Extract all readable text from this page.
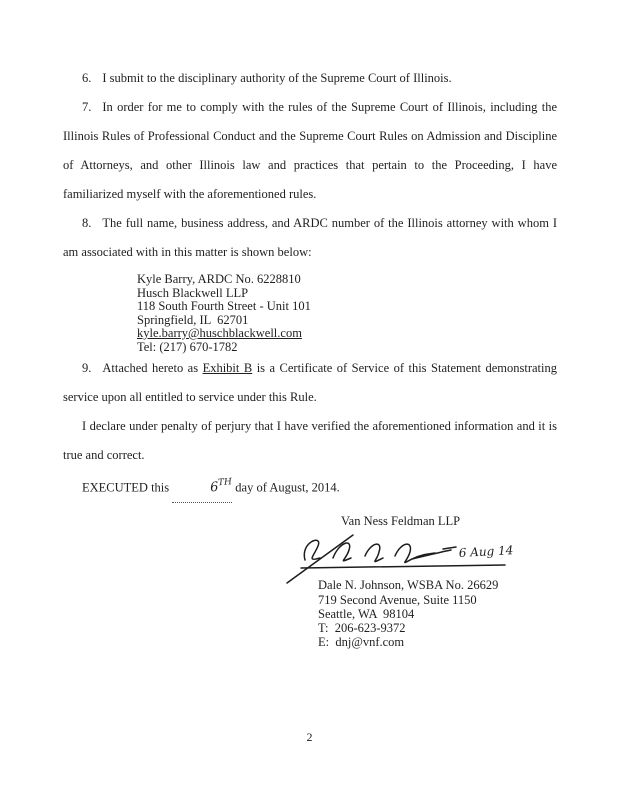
6. I submit to the disciplinary authority of the Supreme Court of Illinois.

7. In order for me to comply with the rules of the Supreme Court of Illinois, including the Illinois Rules of Professional Conduct and the Supreme Court Rules on Admission and Discipline of Attorneys, and other Illinois law and practices that pertain to the Proceeding, I have familiarized myself with the aforementioned rules.

8. The full name, business address, and ARDC number of the Illinois attorney with whom I am associated with in this matter is shown below:

Kyle Barry, ARDC No. 6228810
Husch Blackwell LLP
118 South Fourth Street - Unit 101
Springfield, IL  62701
kyle.barry@huschblackwell.com
Tel: (217) 670-1782

9. Attached hereto as Exhibit B is a Certificate of Service of this Statement demonstrating service upon all entitled to service under this Rule.

I declare under penalty of perjury that I have verified the aforementioned information and it is true and correct.

EXECUTED this	6TH day of August, 2014.

Van Ness Feldman LLP
6 Aug 14
Dale N. Johnson, WSBA No. 26629
719 Second Avenue, Suite 1150
Seattle, WA  98104
T:  206-623-9372
E:  dnj@vnf.com
2
